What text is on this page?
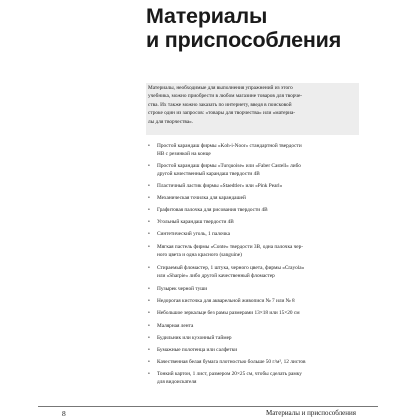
Материалы
и приспособления

Материалы, необходимые для выполнения упражнений из этого
учебника, можно приобрести в любом магазине товаров для творче-
ства. Их также можно заказать по интернету, введя в поисковой
строке один из запросов: «товары для творчества» или «материа-
лы для творчества».

• Простой карандаш фирмы «Koh-i-Noor» стандартной твердости
HB с резинкой на конце
• Простой карандаш фирмы «Turquoise» или «Faber Castell» либо
другой качественный карандаш твердости 4B
• Пластичный ластик фирмы «Staedtler» или «Pink Pearl»
• Механическая точилка для карандашей
• Графитовая палочка для рисования твердости 4B
• Угольный карандаш твердости 4B
• Синтетический уголь, 1 палочка
• Мягкая пастель фирмы «Conte» твердости 3B, одна палочка чер-
ного цвета и одна красного (sanguine)
• Стираемый фломастер, 1 штука, черного цвета, фирмы «Crayola»
или «Sharpie» либо другой качественный фломастер
• Пузырек черной туши
• Недорогая кисточка для акварельной живописи № 7 или № 8
• Небольшое зеркальце без рамы размерами 13×18 или 15×20 см
• Малярная лента
• Будильник или кухонный таймер
• Бумажные полотенца или салфетки
• Качественная белая бумага плотностью больше 50 г/м², 12 листов
• Тонкий картон, 1 лист, размером 20×25 см, чтобы сделать рамку
для видоискателя
8	Материалы и приспособления
